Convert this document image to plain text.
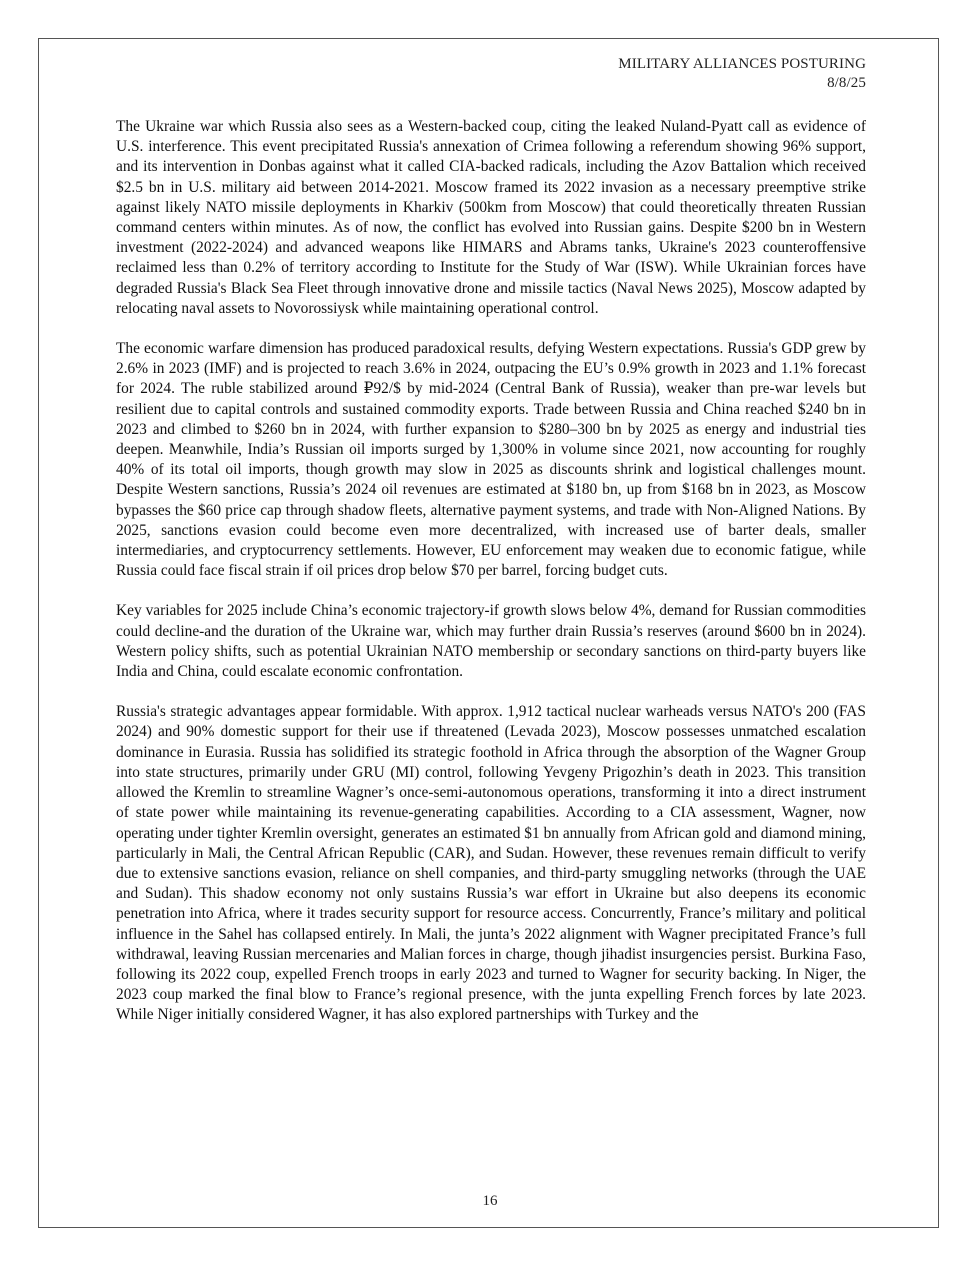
MILITARY ALLIANCES POSTURING
8/8/25

The Ukraine war which Russia also sees as a Western-backed coup, citing the leaked Nuland-Pyatt call as evidence of U.S. interference. This event precipitated Russia's annexation of Crimea following a referendum showing 96% support, and its intervention in Donbas against what it called CIA-backed radicals, including the Azov Battalion which received $2.5 bn in U.S. military aid between 2014-2021. Moscow framed its 2022 invasion as a necessary preemptive strike against likely NATO missile deployments in Kharkiv (500km from Moscow) that could theoretically threaten Russian command centers within minutes. As of now, the conflict has evolved into Russian gains. Despite $200 bn in Western investment (2022-2024) and advanced weapons like HIMARS and Abrams tanks, Ukraine's 2023 counteroffensive reclaimed less than 0.2% of territory according to Institute for the Study of War (ISW). While Ukrainian forces have degraded Russia's Black Sea Fleet through innovative drone and missile tactics (Naval News 2025), Moscow adapted by relocating naval assets to Novorossiysk while maintaining operational control.

The economic warfare dimension has produced paradoxical results, defying Western expectations. Russia's GDP grew by 2.6% in 2023 (IMF) and is projected to reach 3.6% in 2024, outpacing the EU’s 0.9% growth in 2023 and 1.1% forecast for 2024. The ruble stabilized around ₽92/$ by mid-2024 (Central Bank of Russia), weaker than pre-war levels but resilient due to capital controls and sustained commodity exports. Trade between Russia and China reached $240 bn in 2023 and climbed to $260 bn in 2024, with further expansion to $280–300 bn by 2025 as energy and industrial ties deepen. Meanwhile, India’s Russian oil imports surged by 1,300% in volume since 2021, now accounting for roughly 40% of its total oil imports, though growth may slow in 2025 as discounts shrink and logistical challenges mount. Despite Western sanctions, Russia’s 2024 oil revenues are estimated at $180 bn, up from $168 bn in 2023, as Moscow bypasses the $60 price cap through shadow fleets, alternative payment systems, and trade with Non-Aligned Nations. By 2025, sanctions evasion could become even more decentralized, with increased use of barter deals, smaller intermediaries, and cryptocurrency settlements. However, EU enforcement may weaken due to economic fatigue, while Russia could face fiscal strain if oil prices drop below $70 per barrel, forcing budget cuts.

Key variables for 2025 include China’s economic trajectory-if growth slows below 4%, demand for Russian commodities could decline-and the duration of the Ukraine war, which may further drain Russia’s reserves (around $600 bn in 2024). Western policy shifts, such as potential Ukrainian NATO membership or secondary sanctions on third-party buyers like India and China, could escalate economic confrontation.

Russia's strategic advantages appear formidable. With approx. 1,912 tactical nuclear warheads versus NATO's 200 (FAS 2024) and 90% domestic support for their use if threatened (Levada 2023), Moscow possesses unmatched escalation dominance in Eurasia. Russia has solidified its strategic foothold in Africa through the absorption of the Wagner Group into state structures, primarily under GRU (MI) control, following Yevgeny Prigozhin’s death in 2023. This transition allowed the Kremlin to streamline Wagner’s once-semi-autonomous operations, transforming it into a direct instrument of state power while maintaining its revenue-generating capabilities. According to a CIA assessment, Wagner, now operating under tighter Kremlin oversight, generates an estimated $1 bn annually from African gold and diamond mining, particularly in Mali, the Central African Republic (CAR), and Sudan. However, these revenues remain difficult to verify due to extensive sanctions evasion, reliance on shell companies, and third-party smuggling networks (through the UAE and Sudan). This shadow economy not only sustains Russia’s war effort in Ukraine but also deepens its economic penetration into Africa, where it trades security support for resource access. Concurrently, France’s military and political influence in the Sahel has collapsed entirely. In Mali, the junta’s 2022 alignment with Wagner precipitated France’s full withdrawal, leaving Russian mercenaries and Malian forces in charge, though jihadist insurgencies persist. Burkina Faso, following its 2022 coup, expelled French troops in early 2023 and turned to Wagner for security backing. In Niger, the 2023 coup marked the final blow to France’s regional presence, with the junta expelling French forces by late 2023. While Niger initially considered Wagner, it has also explored partnerships with Turkey and the

16
